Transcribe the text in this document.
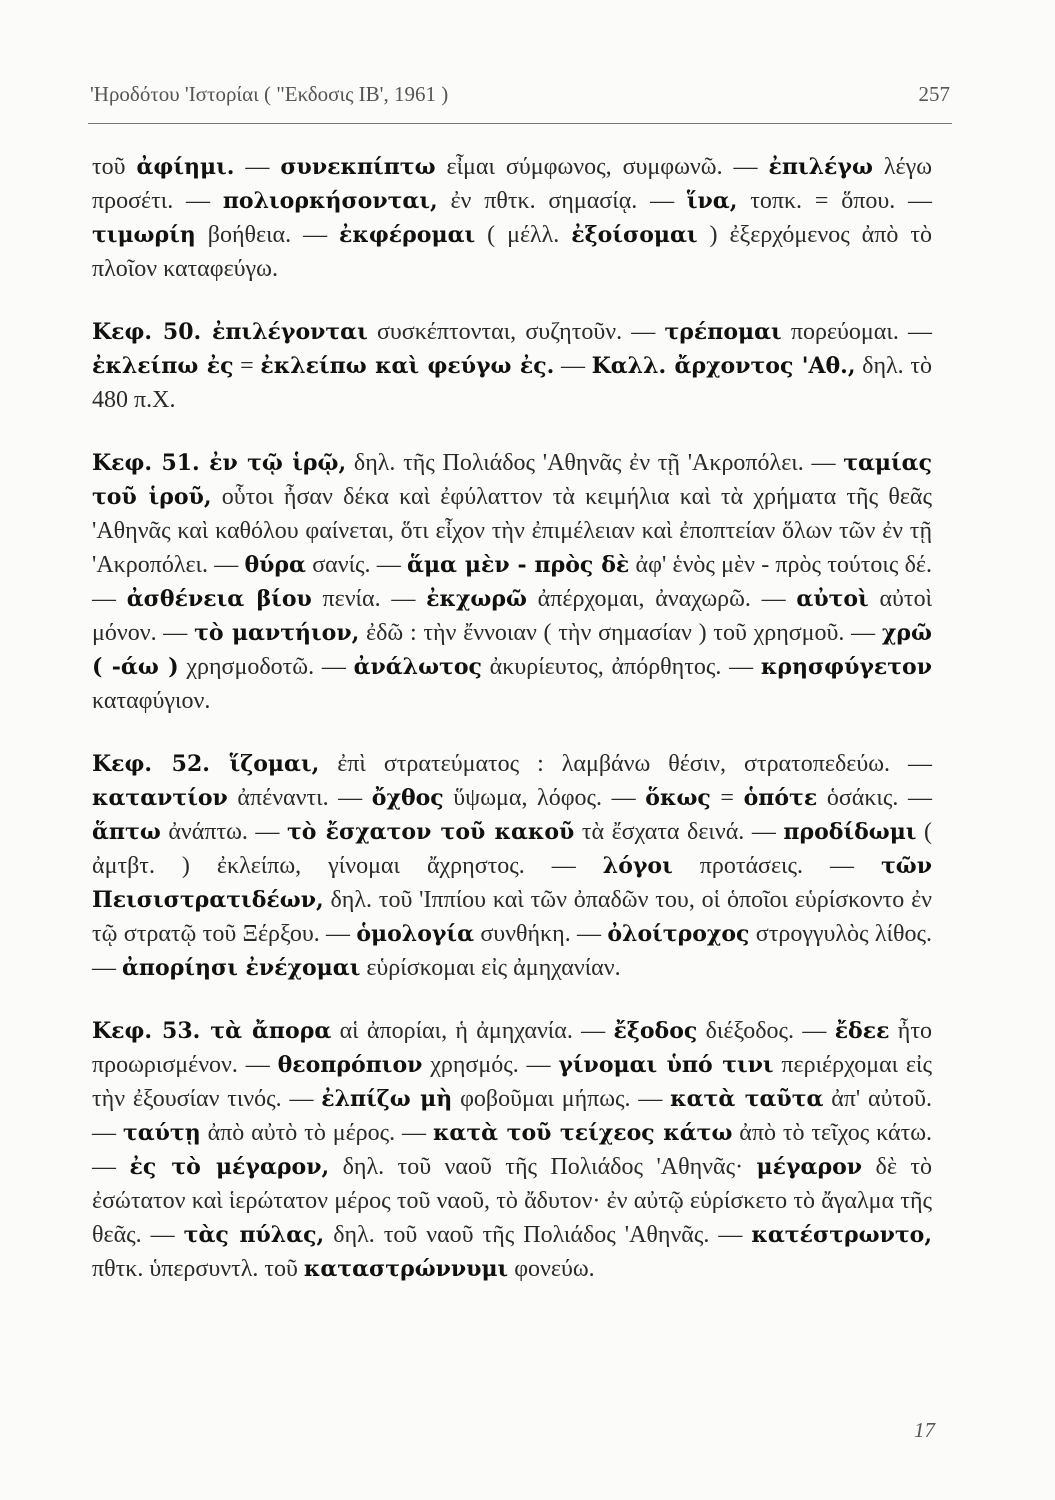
'Ηροδότου 'Ιστορίαι ( "Εκδοσις ΙΒ', 1961 )	257

τοῦ ἀφίημι. — συνεκπίπτω εἶμαι σύμφωνος, συμφωνῶ. — ἐπιλέγω λέγω προσέτι. — πολιορκήσονται, ἐν πθτκ. σημασίᾳ. — ἵνα, τοπκ. = ὅπου. — τιμωρίη βοήθεια. — ἐκφέρομαι ( μέλλ. ἐξοίσομαι ) ἐξερχόμενος ἀπὸ τὸ πλοῖον καταφεύγω.

Κεφ. 50. ἐπιλέγονται συσκέπτονται, συζητοῦν. — τρέπομαι πορεύομαι. — ἐκλείπω ἐς = ἐκλείπω καὶ φεύγω ἐς. — Καλλ. ἄρχοντος 'Αθ., δηλ. τὸ 480 π.Χ.

Κεφ. 51. ἐν τῷ ἱρῷ, δηλ. τῆς Πολιάδος 'Αθηνᾶς ἐν τῇ 'Ακροπόλει. — ταμίας τοῦ ἱροῦ, οὗτοι ἦσαν δέκα καὶ ἐφύλαττον τὰ κειμήλια καὶ τὰ χρήματα τῆς θεᾶς 'Αθηνᾶς καὶ καθόλου φαίνεται, ὅτι εἶχον τὴν ἐπιμέλειαν καὶ ἐποπτείαν ὅλων τῶν ἐν τῇ 'Ακροπόλει. — θύρα σανίς. — ἅμα μὲν - πρὸς δὲ ἀφ' ἑνὸς μὲν - πρὸς τούτοις δέ. — ἀσθένεια βίου πενία. — ἐκχωρῶ ἀπέρχομαι, ἀναχωρῶ. — αὐτοὶ αὐτοὶ μόνον. — τὸ μαντήιον, ἐδῶ : τὴν ἔννοιαν ( τὴν σημασίαν ) τοῦ χρησμοῦ. — χρῶ ( -άω ) χρησμοδοτῶ. — ἀνάλωτος ἀκυρίευτος, ἀπόρθητος. — κρησφύγετον καταφύγιον.

Κεφ. 52. ἵζομαι, ἐπὶ στρατεύματος : λαμβάνω θέσιν, στρατοπεδεύω. — καταντίον ἀπέναντι. — ὄχθος ὕψωμα, λόφος. — ὅκως = ὁπότε ὁσάκις. — ἅπτω ἀνάπτω. — τὸ ἔσχατον τοῦ κακοῦ τὰ ἔσχατα δεινά. — προδίδωμι ( ἀμτβτ. ) ἐκλείπω, γίνομαι ἄχρηστος. — λόγοι προτάσεις. — τῶν Πεισιστρατιδέων, δηλ. τοῦ 'Ιππίου καὶ τῶν ὀπαδῶν του, οἱ ὁποῖοι εὑρίσκοντο ἐν τῷ στρατῷ τοῦ Ξέρξου. — ὁμολογία συνθήκη. — ὀλοίτροχος στρογγυλὸς λίθος. — ἀπορίησι ἐνέχομαι εὑρίσκομαι εἰς ἀμηχανίαν.

Κεφ. 53. τὰ ἄπορα αἱ ἀπορίαι, ἡ ἀμηχανία. — ἔξοδος διέξοδος. — ἔδεε ἦτο προωρισμένον. — θεοπρόπιον χρησμός. — γίνομαι ὑπό τινι περιέρχομαι εἰς τὴν ἐξουσίαν τινός. — ἐλπίζω μὴ φοβοῦμαι μήπως. — κατὰ ταῦτα ἀπ' αὐτοῦ. — ταύτῃ ἀπὸ αὐτὸ τὸ μέρος. — κατὰ τοῦ τείχεος κάτω ἀπὸ τὸ τεῖχος κάτω. — ἐς τὸ μέγαρον, δηλ. τοῦ ναοῦ τῆς Πολιάδος 'Αθηνᾶς· μέγαρον δὲ τὸ ἐσώτατον καὶ ἱερώτατον μέρος τοῦ ναοῦ, τὸ ἄδυτον· ἐν αὐτῷ εὑρίσκετο τὸ ἄγαλμα τῆς θεᾶς. — τὰς πύλας, δηλ. τοῦ ναοῦ τῆς Πολιάδος 'Αθηνᾶς. — κατέστρωντο, πθτκ. ὑπερσυντλ. τοῦ καταστρώννυμι φονεύω.

17
